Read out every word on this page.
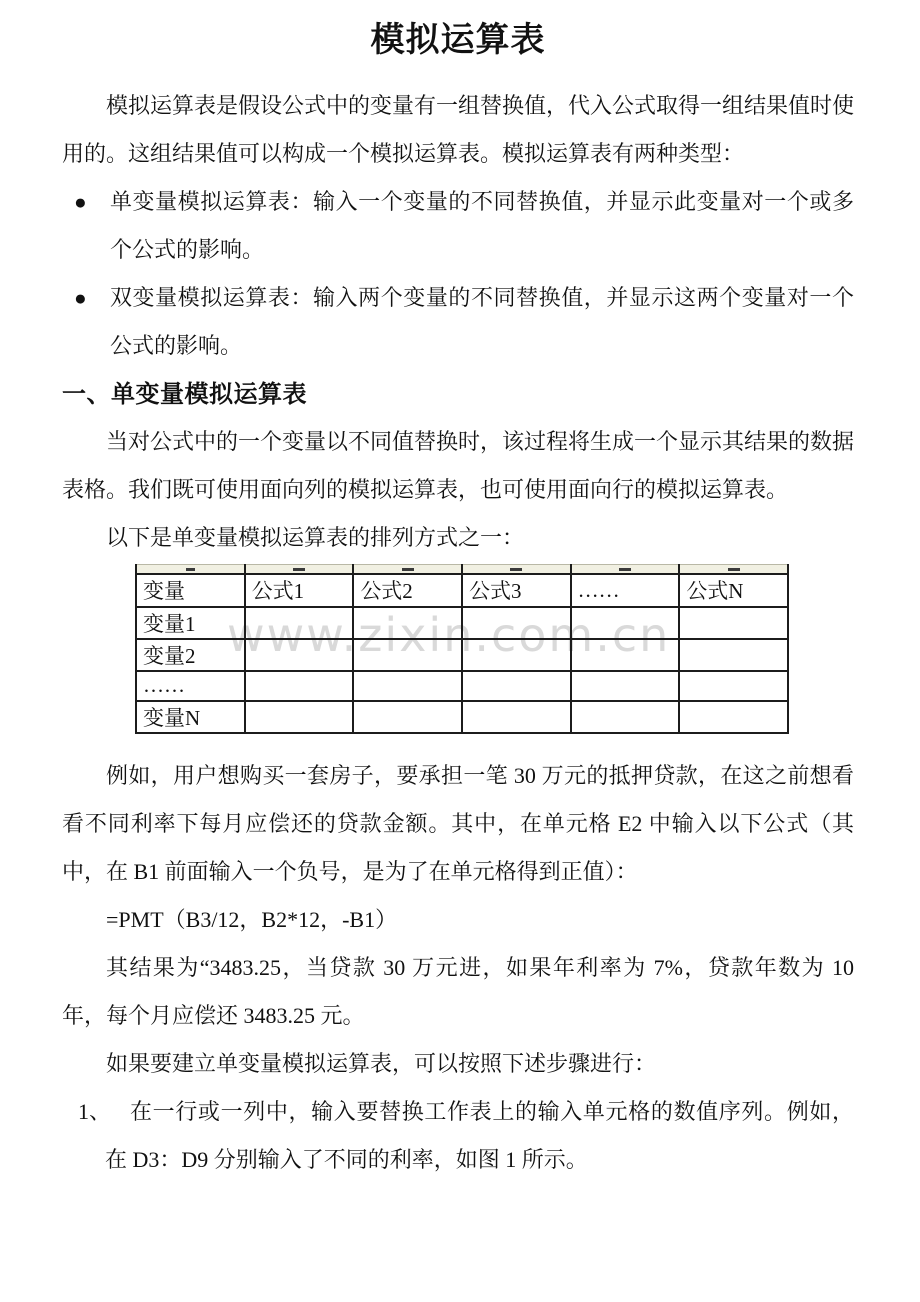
模拟运算表

模拟运算表是假设公式中的变量有一组替换值，代入公式取得一组结果值时使用的。这组结果值可以构成一个模拟运算表。模拟运算表有两种类型：

● 单变量模拟运算表：输入一个变量的不同替换值，并显示此变量对一个或多个公式的影响。
● 双变量模拟运算表：输入两个变量的不同替换值，并显示这两个变量对一个公式的影响。
一、单变量模拟运算表

当对公式中的一个变量以不同值替换时，该过程将生成一个显示其结果的数据表格。我们既可使用面向列的模拟运算表，也可使用面向行的模拟运算表。

以下是单变量模拟运算表的排列方式之一：

www.zixin.com.cn

变量	公式1	公式2	公式3	……	公式N
变量1					
变量2					
……					
变量N					

例如，用户想购买一套房子，要承担一笔 30 万元的抵押贷款，在这之前想看看不同利率下每月应偿还的贷款金额。其中，在单元格 E2 中输入以下公式（其中，在 B1 前面输入一个负号，是为了在单元格得到正值）：

=PMT（B3/12，B2*12，-B1）

其结果为“3483.25，当贷款 30 万元进，如果年利率为 7%，贷款年数为 10 年，每个月应偿还 3483.25 元。

如果要建立单变量模拟运算表，可以按照下述步骤进行：

1、 在一行或一列中，输入要替换工作表上的输入单元格的数值序列。例如，在 D3：D9 分别输入了不同的利率，如图 1 所示。
